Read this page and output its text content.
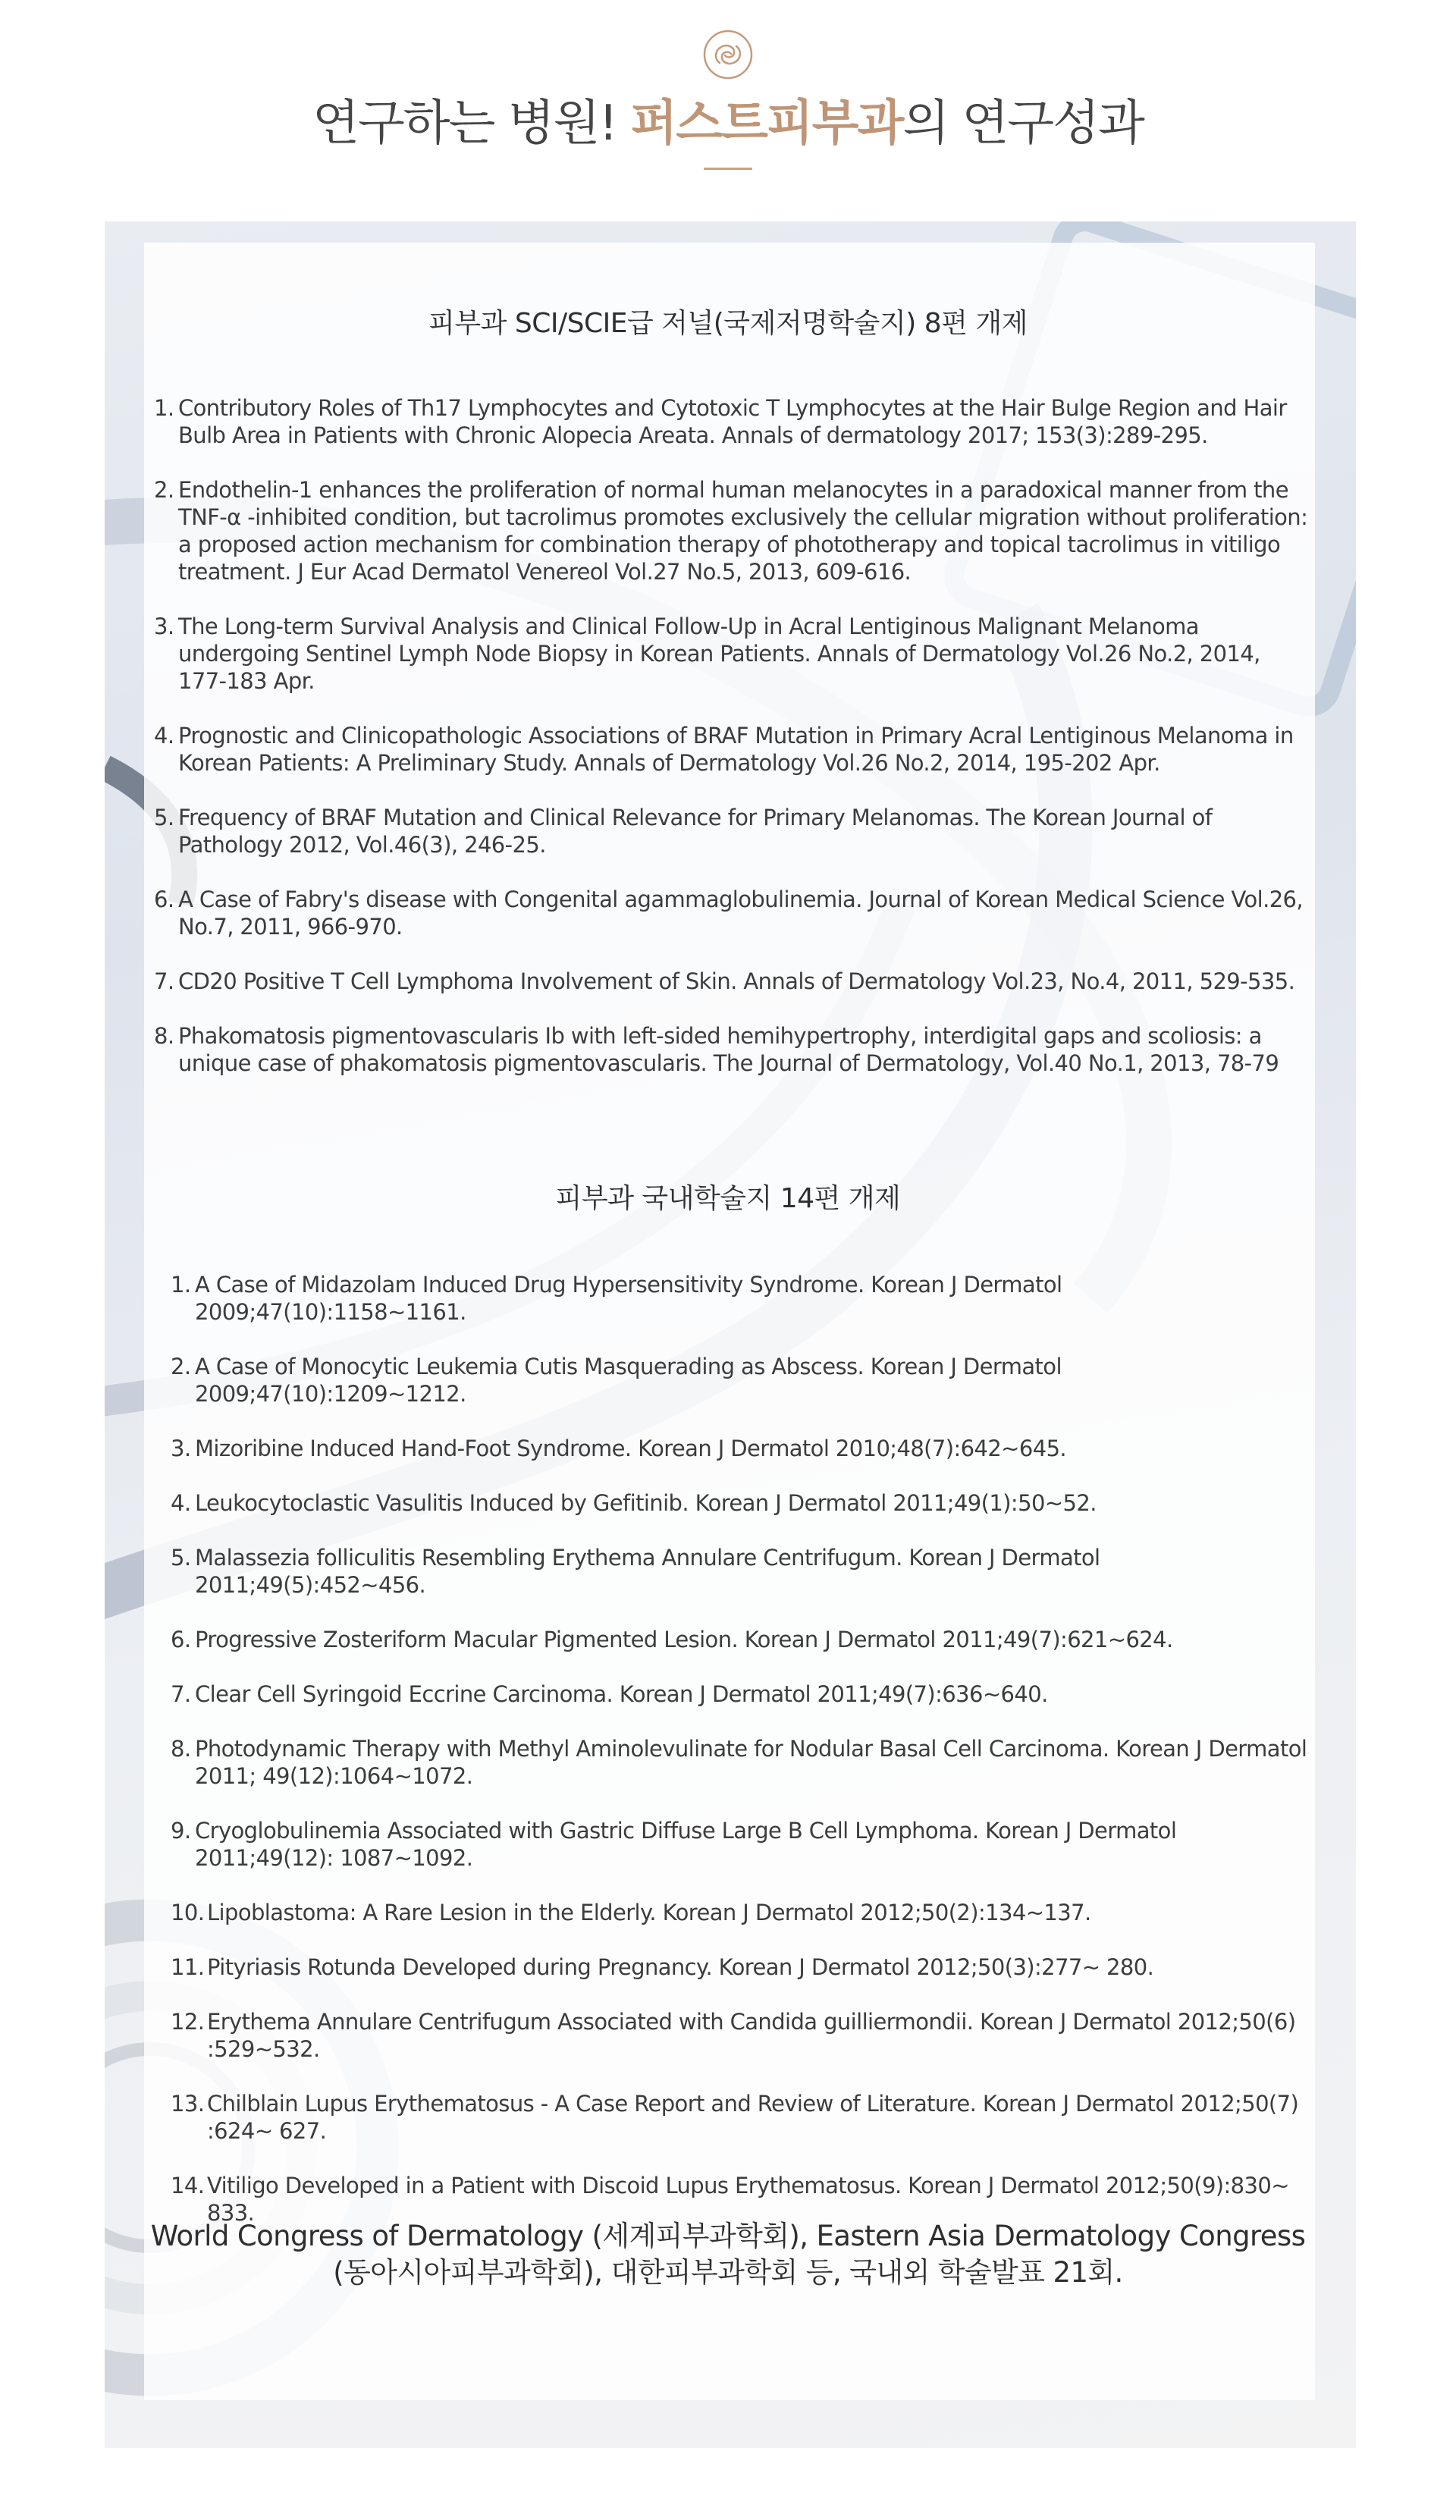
연구하는 병원! 퍼스트피부과의 연구성과
피부과 SCI/SCIE급 저널(국제저명학술지) 8편 개제
1. Contributory Roles of Th17 Lymphocytes and Cytotoxic T Lymphocytes at the Hair Bulge Region and Hair Bulb Area in Patients with Chronic Alopecia Areata. Annals of dermatology 2017; 153(3):289-295.
2. Endothelin-1 enhances the proliferation of normal human melanocytes in a paradoxical manner from the TNF-α -inhibited condition, but tacrolimus promotes exclusively the cellular migration without proliferation: a proposed action mechanism for combination therapy of phototherapy and topical tacrolimus in vitiligo treatment. J Eur Acad Dermatol Venereol Vol.27 No.5, 2013, 609-616.
3. The Long-term Survival Analysis and Clinical Follow-Up in Acral Lentiginous Malignant Melanoma undergoing Sentinel Lymph Node Biopsy in Korean Patients. Annals of Dermatology Vol.26 No.2, 2014, 177-183 Apr.
4. Prognostic and Clinicopathologic Associations of BRAF Mutation in Primary Acral Lentiginous Melanoma in Korean Patients: A Preliminary Study. Annals of Dermatology Vol.26 No.2, 2014, 195-202 Apr.
5. Frequency of BRAF Mutation and Clinical Relevance for Primary Melanomas. The Korean Journal of Pathology 2012, Vol.46(3), 246-25.
6. A Case of Fabry's disease with Congenital agammaglobulinemia. Journal of Korean Medical Science Vol.26, No.7, 2011, 966-970.
7. CD20 Positive T Cell Lymphoma Involvement of Skin. Annals of Dermatology Vol.23, No.4, 2011, 529-535.
8. Phakomatosis pigmentovascularis Ib with left-sided hemihypertrophy, interdigital gaps and scoliosis: a unique case of phakomatosis pigmentovascularis. The Journal of Dermatology, Vol.40 No.1, 2013, 78-79
피부과 국내학술지 14편 개제
1. A Case of Midazolam Induced Drug Hypersensitivity Syndrome. Korean J Dermatol 2009;47(10):1158~1161.
2. A Case of Monocytic Leukemia Cutis Masquerading as Abscess. Korean J Dermatol 2009;47(10):1209~1212.
3. Mizoribine Induced Hand-Foot Syndrome. Korean J Dermatol 2010;48(7):642~645.
4. Leukocytoclastic Vasulitis Induced by Gefitinib. Korean J Dermatol 2011;49(1):50~52.
5. Malassezia folliculitis Resembling Erythema Annulare Centrifugum. Korean J Dermatol 2011;49(5):452~456.
6. Progressive Zosteriform Macular Pigmented Lesion. Korean J Dermatol 2011;49(7):621~624.
7. Clear Cell Syringoid Eccrine Carcinoma. Korean J Dermatol 2011;49(7):636~640.
8. Photodynamic Therapy with Methyl Aminolevulinate for Nodular Basal Cell Carcinoma. Korean J Dermatol 2011; 49(12):1064~1072.
9. Cryoglobulinemia Associated with Gastric Diffuse Large B Cell Lymphoma. Korean J Dermatol 2011;49(12): 1087~1092.
10. Lipoblastoma: A Rare Lesion in the Elderly. Korean J Dermatol 2012;50(2):134~137.
11. Pityriasis Rotunda Developed during Pregnancy. Korean J Dermatol 2012;50(3):277~ 280.
12. Erythema Annulare Centrifugum Associated with Candida guilliermondii. Korean J Dermatol 2012;50(6) :529~532.
13. Chilblain Lupus Erythematosus - A Case Report and Review of Literature. Korean J Dermatol 2012;50(7) :624~ 627.
14. Vitiligo Developed in a Patient with Discoid Lupus Erythematosus. Korean J Dermatol 2012;50(9):830~ 833.
World Congress of Dermatology (세계피부과학회), Eastern Asia Dermatology Congress
(동아시아피부과학회), 대한피부과학회 등, 국내외 학술발표 21회.
